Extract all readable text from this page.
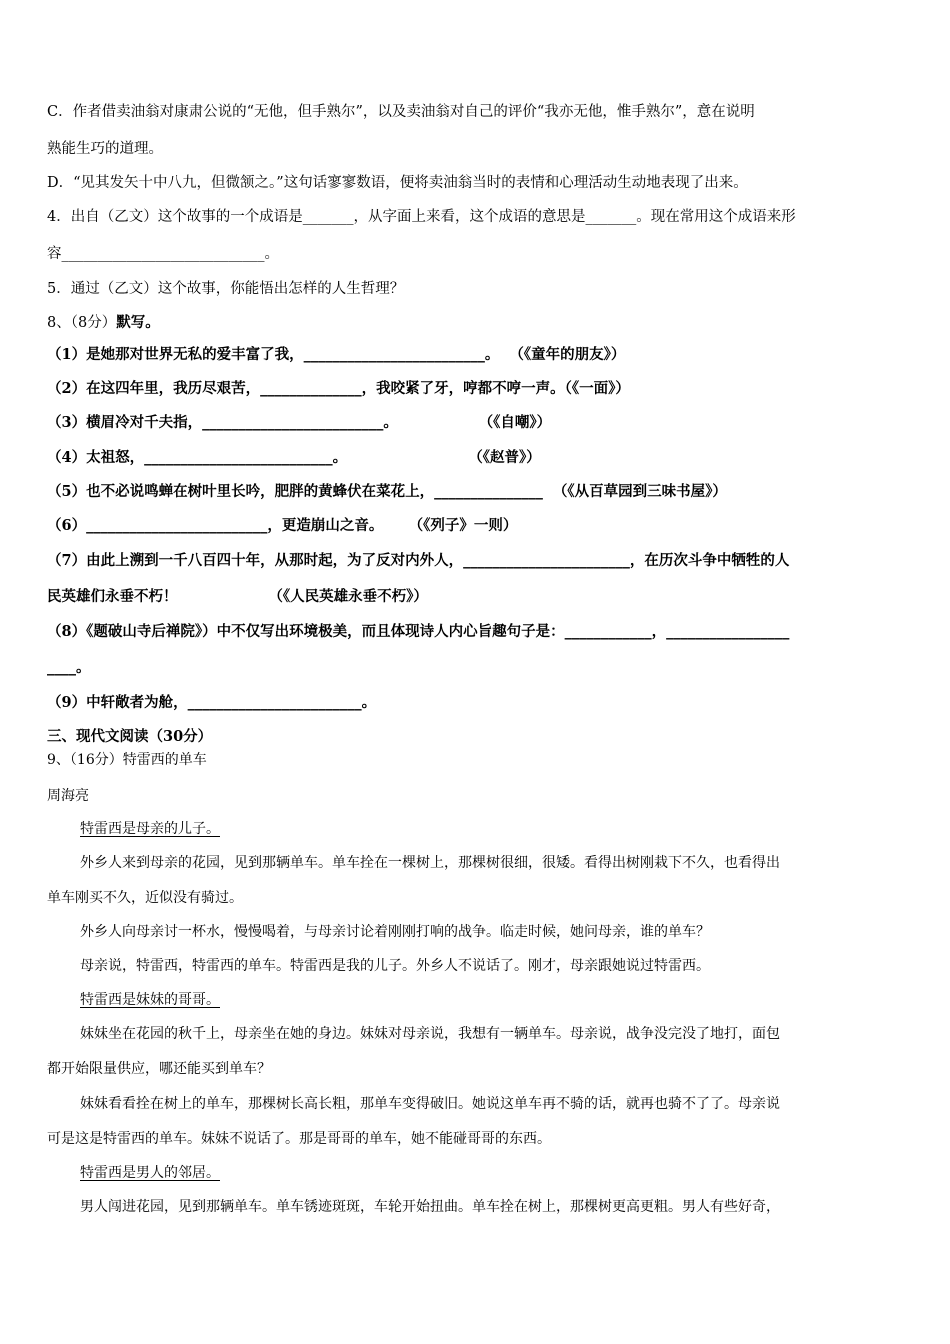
C．作者借卖油翁对康肃公说的“无他，但手熟尔”，以及卖油翁对自己的评价“我亦无他，惟手熟尔”，意在说明
熟能生巧的道理。
D．“见其发矢十中八九，但微颔之。”这句话寥寥数语，便将卖油翁当时的表情和心理活动生动地表现了出来。
4．出自（乙文）这个故事的一个成语是_______，从字面上来看，这个成语的意思是_______。现在常用这个成语来形
容____________________________。
5．通过（乙文）这个故事，你能悟出怎样的人生哲理？
8、（8分）默写。
（1）是她那对世界无私的爱丰富了我，_________________________。  （《童年的朋友》）
（2）在这四年里，我历尽艰苦，______________，我咬紧了牙，哼都不哼一声。（《一面》）
（3）横眉冷对千夫指，_________________________。                （《自嘲》）
（4）太祖怒，__________________________。                        （《赵普》）
（5）也不必说鸣蝉在树叶里长吟，肥胖的黄蜂伏在菜花上，_______________  （《从百草园到三味书屋》）
（6）_________________________，更造崩山之音。     （《列子》一则）
（7）由此上溯到一千八百四十年，从那时起，为了反对内外人，_______________________，在历次斗争中牺牲的人
民英雄们永垂不朽！                  （《人民英雄永垂不朽》）
（8）《题破山寺后禅院》）中不仅写出环境极美，而且体现诗人内心旨趣句子是：____________，_________________
____。
（9）中轩敞者为舱，________________________。
三、现代文阅读（30分）
9、（16分）特雷西的单车
周海亮
特雷西是母亲的儿子。
外乡人来到母亲的花园，见到那辆单车。单车拴在一棵树上，那棵树很细，很矮。看得出树刚栽下不久，也看得出
单车刚买不久，近似没有骑过。
外乡人向母亲讨一杯水，慢慢喝着，与母亲讨论着刚刚打响的战争。临走时候，她问母亲，谁的单车？
母亲说，特雷西，特雷西的单车。特雷西是我的儿子。外乡人不说话了。刚才，母亲跟她说过特雷西。
特雷西是妹妹的哥哥。
妹妹坐在花园的秋千上，母亲坐在她的身边。妹妹对母亲说，我想有一辆单车。母亲说，战争没完没了地打，面包
都开始限量供应，哪还能买到单车？
妹妹看看拴在树上的单车，那棵树长高长粗，那单车变得破旧。她说这单车再不骑的话，就再也骑不了了。母亲说
可是这是特雷西的单车。妹妹不说话了。那是哥哥的单车，她不能碰哥哥的东西。
特雷西是男人的邻居。
男人闯进花园，见到那辆单车。单车锈迹斑斑，车轮开始扭曲。单车拴在树上，那棵树更高更粗。男人有些好奇，
